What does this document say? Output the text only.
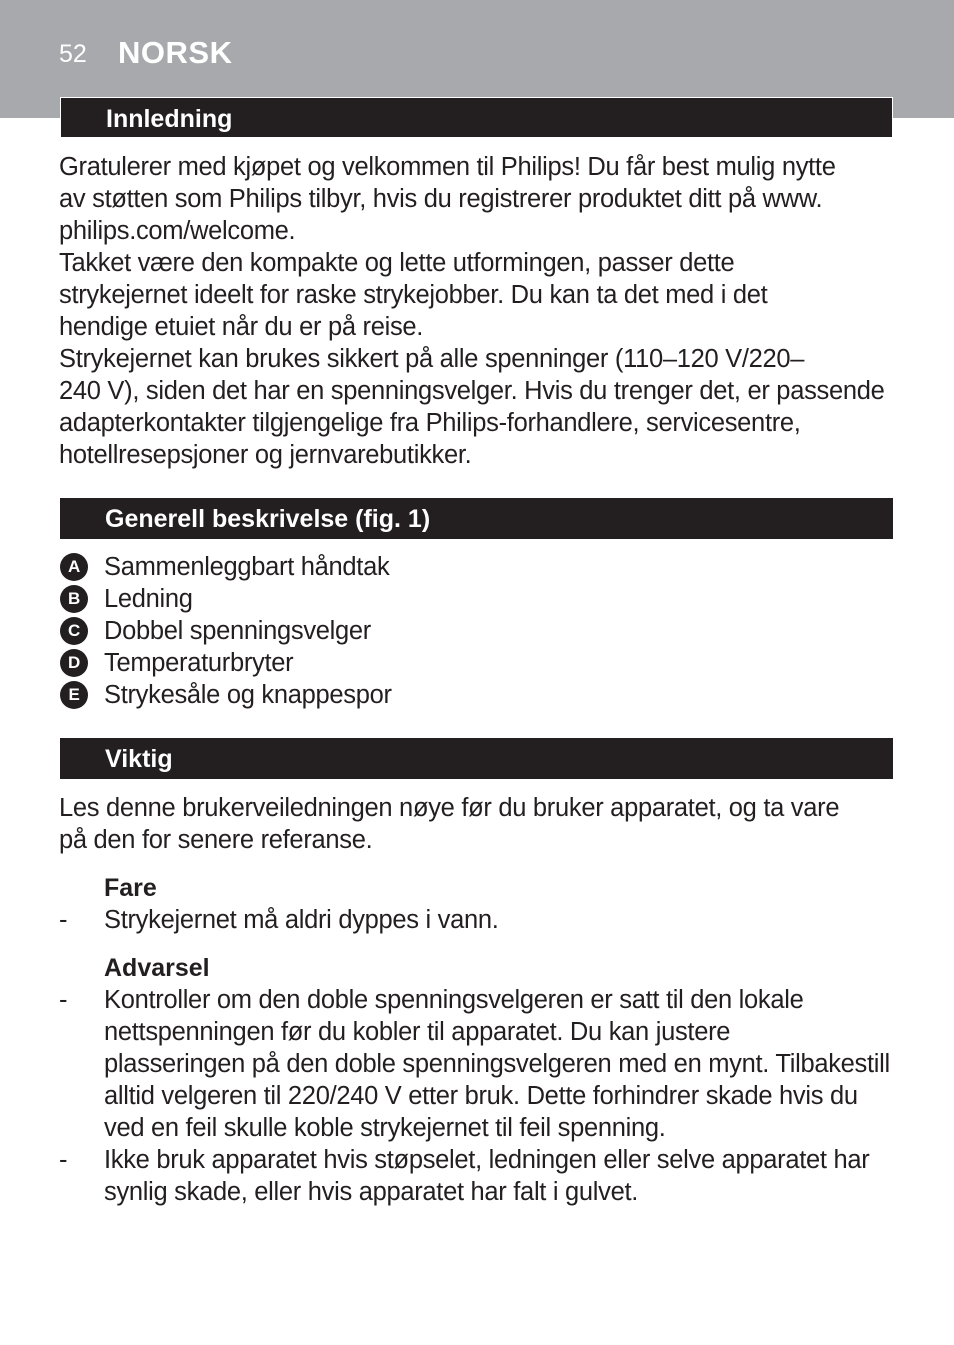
52 NORSK
Innledning

Gratulerer med kjøpet og velkommen til Philips! Du får best mulig nytte
av støtten som Philips tilbyr, hvis du registrerer produktet ditt på www.
philips.com/welcome.
Takket være den kompakte og lette utformingen, passer dette
strykejernet ideelt for raske strykejobber. Du kan ta det med i det
hendige etuiet når du er på reise.
Strykejernet kan brukes sikkert på alle spenninger (110–120 V/220–
240 V), siden det har en spenningsvelger. Hvis du trenger det, er passende
adapterkontakter tilgjengelige fra Philips-forhandlere, servicesentre,
hotellresepsjoner og jernvarebutikker.

Generell beskrivelse (fig. 1)
A Sammenleggbart håndtak
B Ledning
C Dobbel spenningsvelger
D Temperaturbryter
E Strykesåle og knappespor
Viktig

Les denne brukerveiledningen nøye før du bruker apparatet, og ta vare
på den for senere referanse.

Fare
-	Strykejernet må aldri dyppes i vann.
Advarsel
-	Kontroller om den doble spenningsvelgeren er satt til den lokale
nettspenningen før du kobler til apparatet. Du kan justere
plasseringen på den doble spenningsvelgeren med en mynt. Tilbakestill
alltid velgeren til 220/240 V etter bruk. Dette forhindrer skade hvis du
ved en feil skulle koble strykejernet til feil spenning.
-	Ikke bruk apparatet hvis støpselet, ledningen eller selve apparatet har
synlig skade, eller hvis apparatet har falt i gulvet.
